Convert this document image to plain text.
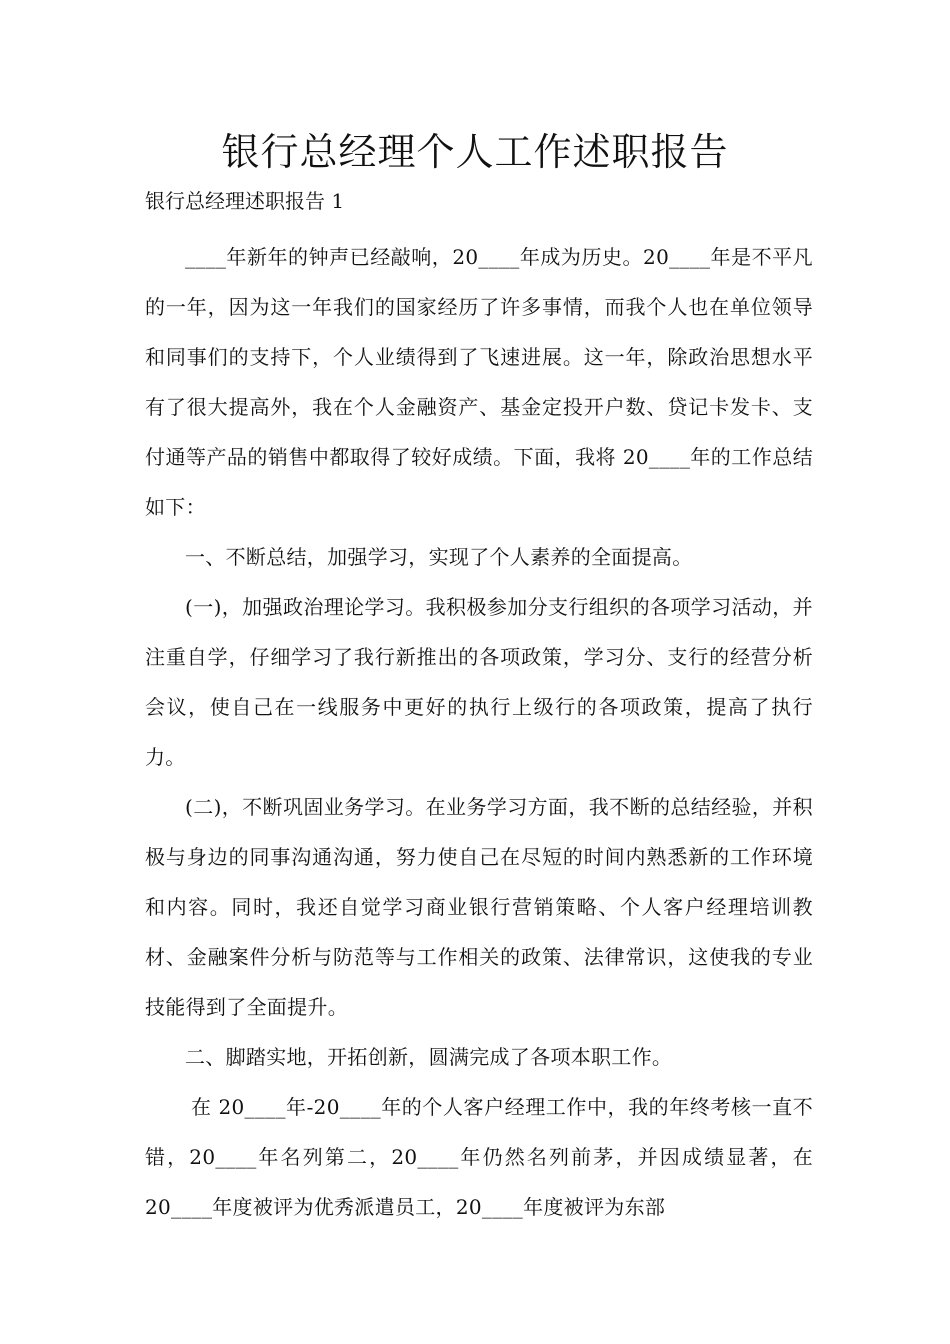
银行总经理个人工作述职报告
银行总经理述职报告 1

____年新年的钟声已经敲响，20____年成为历史。20____年是不平凡的一年，因为这一年我们的国家经历了许多事情，而我个人也在单位领导和同事们的支持下，个人业绩得到了飞速进展。这一年，除政治思想水平有了很大提高外，我在个人金融资产、基金定投开户数、贷记卡发卡、支付通等产品的销售中都取得了较好成绩。下面，我将 20____年的工作总结如下：

一、不断总结，加强学习，实现了个人素养的全面提高。

(一)，加强政治理论学习。我积极参加分支行组织的各项学习活动，并注重自学，仔细学习了我行新推出的各项政策，学习分、支行的经营分析会议，使自己在一线服务中更好的执行上级行的各项政策，提高了执行力。

(二)，不断巩固业务学习。在业务学习方面，我不断的总结经验，并积极与身边的同事沟通沟通，努力使自己在尽短的时间内熟悉新的工作环境和内容。同时，我还自觉学习商业银行营销策略、个人客户经理培训教材、金融案件分析与防范等与工作相关的政策、法律常识，这使我的专业技能得到了全面提升。

二、脚踏实地，开拓创新，圆满完成了各项本职工作。

在 20____年-20____年的个人客户经理工作中，我的年终考核一直不错，20____年名列第二，20____年仍然名列前茅，并因成绩显著，在 20____年度被评为优秀派遣员工，20____年度被评为东部
